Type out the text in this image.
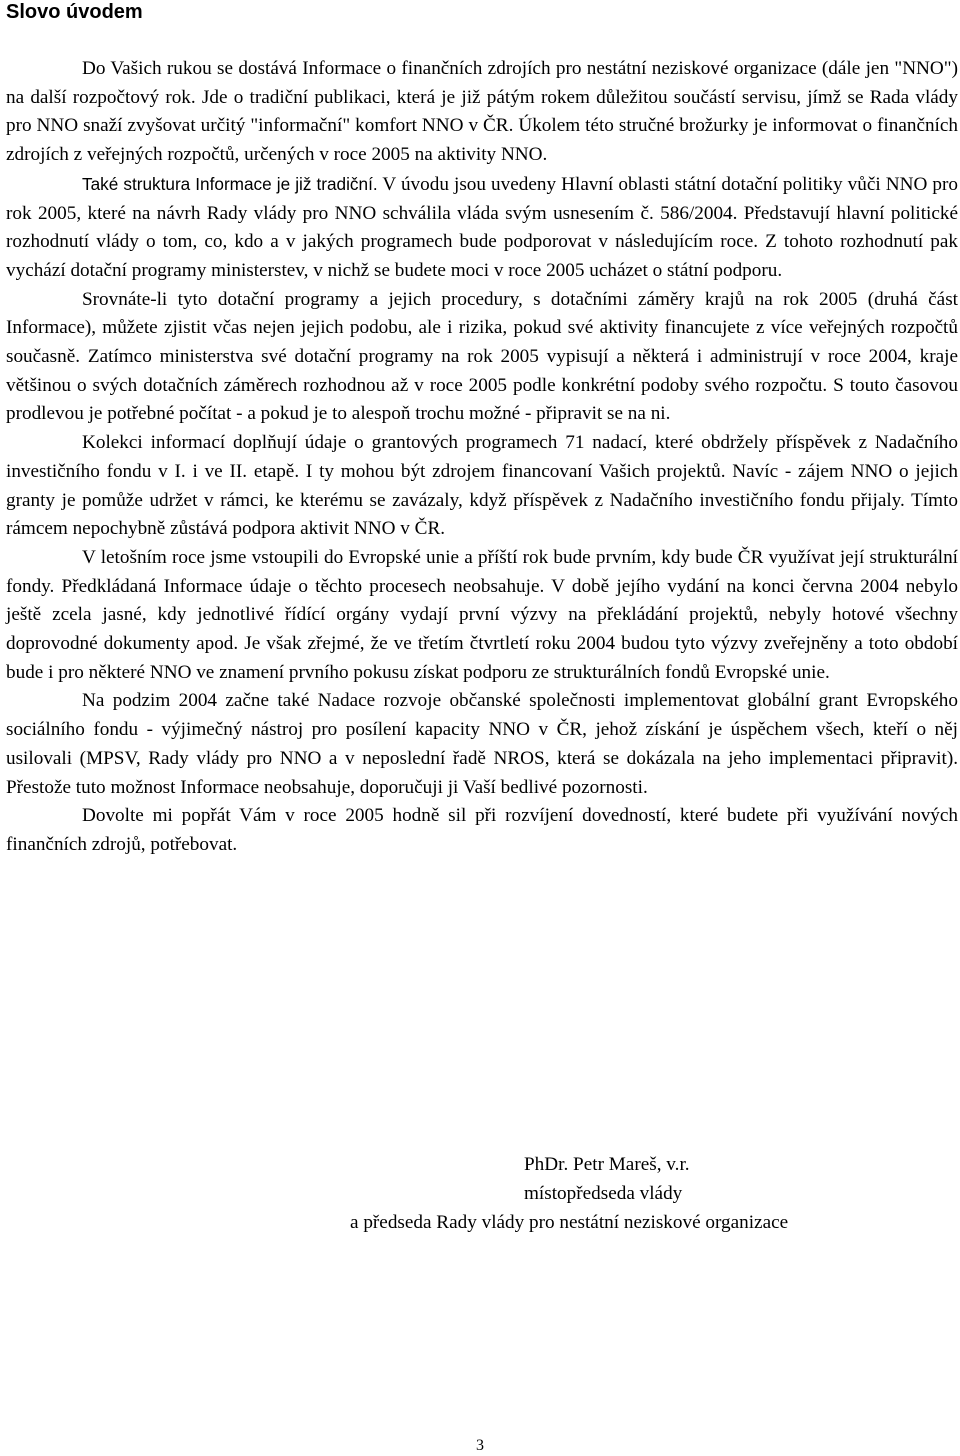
Slovo úvodem

Do Vašich rukou se dostává Informace o finančních zdrojích pro nestátní neziskové organizace (dále jen "NNO") na další rozpočtový rok. Jde o tradiční publikaci, která je již pátým rokem důležitou součástí servisu, jímž se Rada vlády pro NNO snaží zvyšovat určitý "informační" komfort NNO v ČR. Úkolem této stručné brožurky je informovat o finančních zdrojích z veřejných rozpočtů, určených v roce 2005 na aktivity NNO.

Také struktura Informace je již tradiční. V úvodu jsou uvedeny Hlavní oblasti státní dotační politiky vůči NNO pro rok 2005, které na návrh Rady vlády pro NNO schválila vláda svým usnesením č. 586/2004. Představují hlavní politické rozhodnutí vlády o tom, co, kdo a v jakých programech bude podporovat v následujícím roce. Z tohoto rozhodnutí pak vychází dotační programy ministerstev, v nichž se budete moci v roce 2005 ucházet o státní podporu.

Srovnáte-li tyto dotační programy a jejich procedury, s dotačními záměry krajů na rok 2005 (druhá část Informace), můžete zjistit včas nejen jejich podobu, ale i rizika, pokud své aktivity financujete z více veřejných rozpočtů současně. Zatímco ministerstva své dotační programy na rok 2005 vypisují a některá i administrují v roce 2004, kraje většinou o svých dotačních záměrech rozhodnou až v roce 2005 podle konkrétní podoby svého rozpočtu. S touto časovou prodlevou je potřebné počítat - a pokud je to alespoň trochu možné - připravit se na ni.

Kolekci informací doplňují údaje o grantových programech 71 nadací, které obdržely příspěvek z Nadačního investičního fondu v I. i ve II. etapě. I ty mohou být zdrojem financovaní Vašich projektů. Navíc - zájem NNO o jejich granty je pomůže udržet v rámci, ke kterému se zavázaly, když příspěvek z Nadačního investičního fondu přijaly. Tímto rámcem nepochybně zůstává podpora aktivit NNO v ČR.

V letošním roce jsme vstoupili do Evropské unie a příští rok bude prvním, kdy bude ČR využívat její strukturální fondy. Předkládaná Informace údaje o těchto procesech neobsahuje. V době jejího vydání na konci června 2004 nebylo ještě zcela jasné, kdy jednotlivé řídící orgány vydají první výzvy na překládání projektů, nebyly hotové všechny doprovodné dokumenty apod. Je však zřejmé, že ve třetím čtvrtletí roku 2004 budou tyto výzvy zveřejněny a toto období bude i pro některé NNO ve znamení prvního pokusu získat podporu ze strukturálních fondů Evropské unie.

Na podzim 2004 začne také Nadace rozvoje občanské společnosti implementovat globální grant Evropského sociálního fondu - výjimečný nástroj pro posílení kapacity NNO v ČR, jehož získání je úspěchem všech, kteří o něj usilovali (MPSV, Rady vlády pro NNO a v neposlední řadě NROS, která se dokázala na jeho implementaci připravit). Přestože tuto možnost Informace neobsahuje, doporučuji ji Vaší bedlivé pozornosti.

Dovolte mi popřát Vám v roce 2005 hodně sil při rozvíjení dovedností, které budete při využívání nových finančních zdrojů, potřebovat.

PhDr. Petr Mareš, v.r.

místopředseda vlády

a předseda Rady vlády pro nestátní neziskové organizace

3
